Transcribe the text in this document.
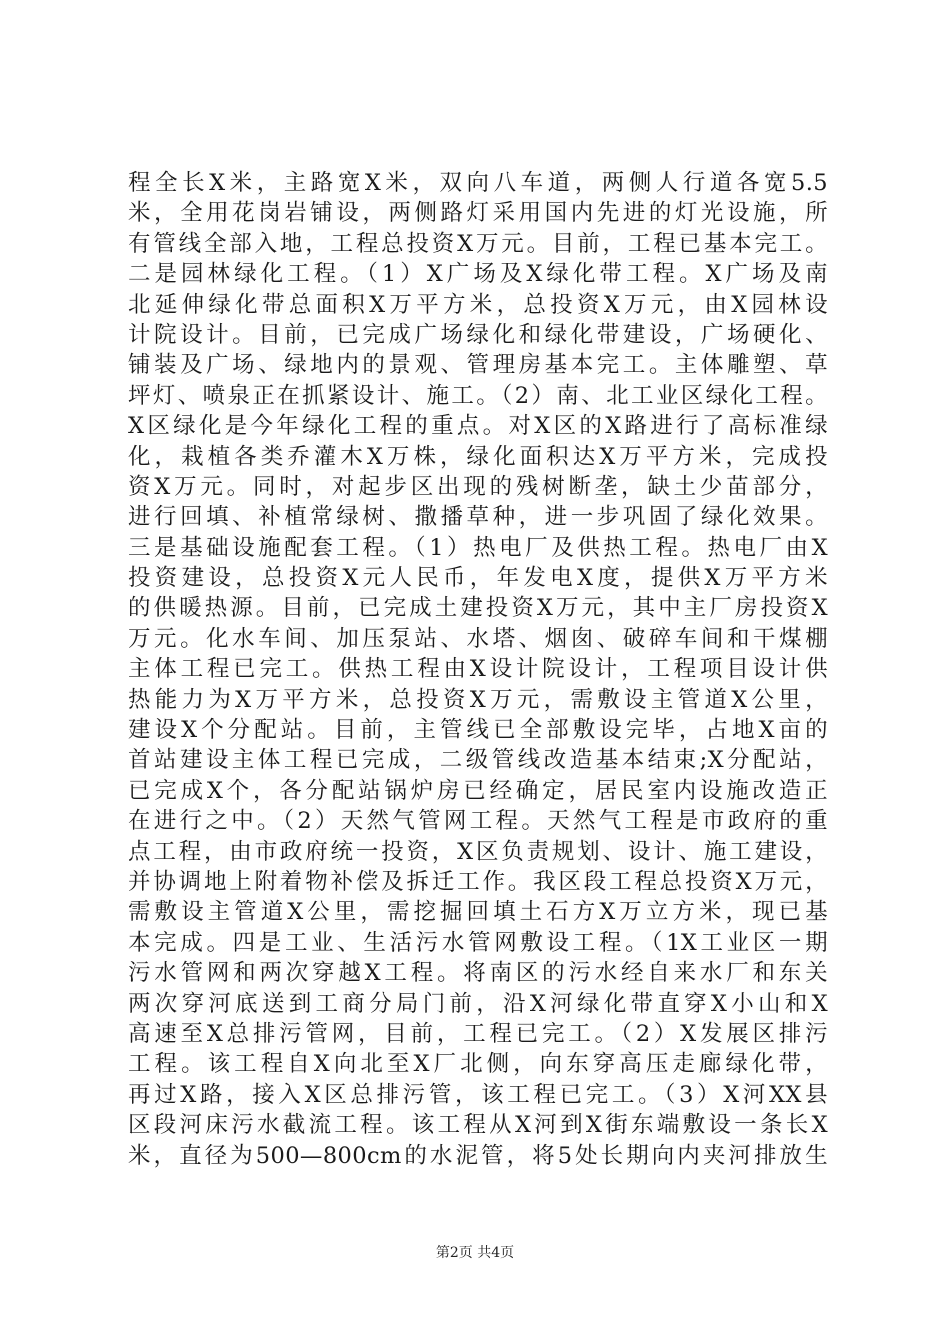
程全长X米，主路宽X米，双向八车道，两侧人行道各宽5.5
米，全用花岗岩铺设，两侧路灯采用国内先进的灯光设施，所
有管线全部入地，工程总投资X万元。目前，工程已基本完工。
二是园林绿化工程。（1）X广场及X绿化带工程。X广场及南
北延伸绿化带总面积X万平方米，总投资X万元，由X园林设
计院设计。目前，已完成广场绿化和绿化带建设，广场硬化、
铺装及广场、绿地内的景观、管理房基本完工。主体雕塑、草
坪灯、喷泉正在抓紧设计、施工。（2）南、北工业区绿化工程。
X区绿化是今年绿化工程的重点。对X区的X路进行了高标准绿
化，栽植各类乔灌木X万株，绿化面积达X万平方米，完成投
资X万元。同时，对起步区出现的残树断垄，缺土少苗部分，
进行回填、补植常绿树、撒播草种，进一步巩固了绿化效果。
三是基础设施配套工程。（1）热电厂及供热工程。热电厂由X
投资建设，总投资X元人民币，年发电X度，提供X万平方米
的供暖热源。目前，已完成土建投资X万元，其中主厂房投资X
万元。化水车间、加压泵站、水塔、烟囱、破碎车间和干煤棚
主体工程已完工。供热工程由X设计院设计，工程项目设计供
热能力为X万平方米，总投资X万元，需敷设主管道X公里，
建设X个分配站。目前，主管线已全部敷设完毕，占地X亩的
首站建设主体工程已完成，二级管线改造基本结束;X分配站，
已完成X个，各分配站锅炉房已经确定，居民室内设施改造正
在进行之中。（2）天然气管网工程。天然气工程是市政府的重
点工程，由市政府统一投资，X区负责规划、设计、施工建设，
并协调地上附着物补偿及拆迁工作。我区段工程总投资X万元，
需敷设主管道X公里，需挖掘回填土石方X万立方米，现已基
本完成。四是工业、生活污水管网敷设工程。（1X工业区一期
污水管网和两次穿越X工程。将南区的污水经自来水厂和东关
两次穿河底送到工商分局门前，沿X河绿化带直穿X小山和X
高速至X总排污管网，目前，工程已完工。（2）X发展区排污
工程。该工程自X向北至X厂北侧，向东穿高压走廊绿化带，
再过X路，接入X区总排污管，该工程已完工。（3）X河XX县
区段河床污水截流工程。该工程从X河到X街东端敷设一条长X
米，直径为500—800cm的水泥管，将5处长期向内夹河排放生
第2页 共4页
